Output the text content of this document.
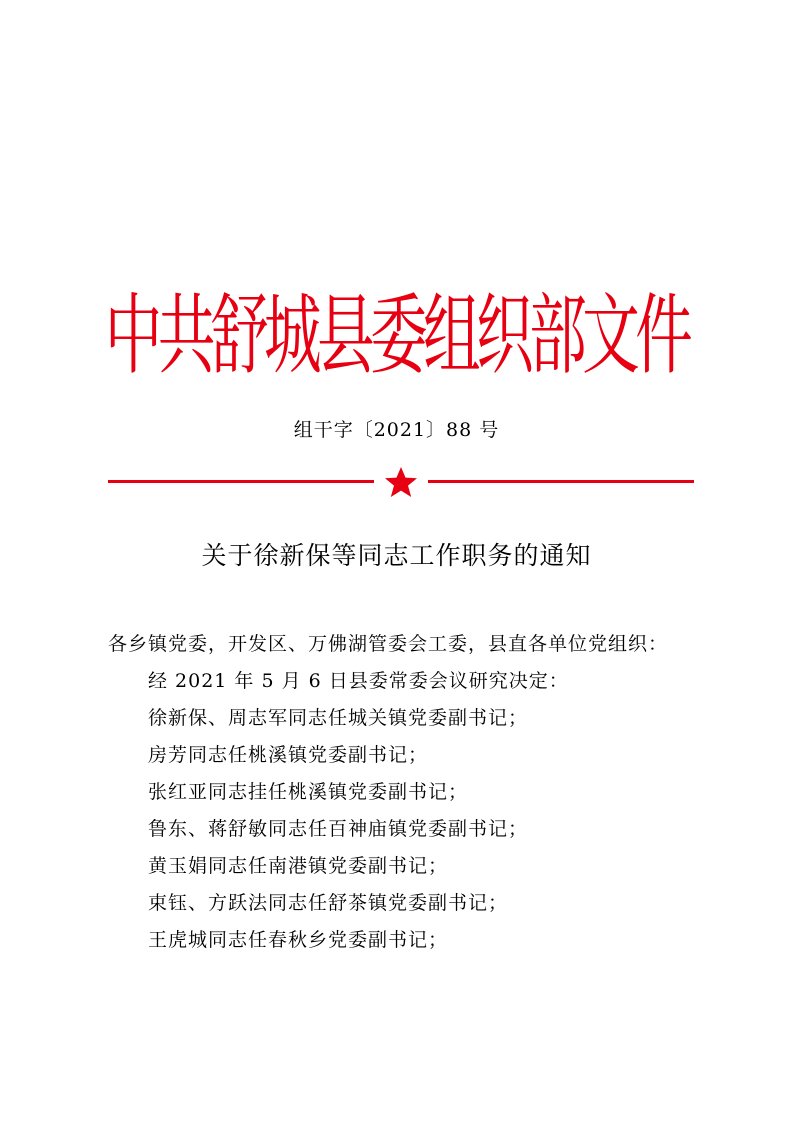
中共舒城县委组织部文件
组干字〔2021〕88 号
关于徐新保等同志工作职务的通知
各乡镇党委，开发区、万佛湖管委会工委，县直各单位党组织：
经 2021 年 5 月 6 日县委常委会议研究决定：
徐新保、周志军同志任城关镇党委副书记；
房芳同志任桃溪镇党委副书记；
张红亚同志挂任桃溪镇党委副书记；
鲁东、蒋舒敏同志任百神庙镇党委副书记；
黄玉娟同志任南港镇党委副书记；
束钰、方跃法同志任舒茶镇党委副书记；
王虎城同志任春秋乡党委副书记；
